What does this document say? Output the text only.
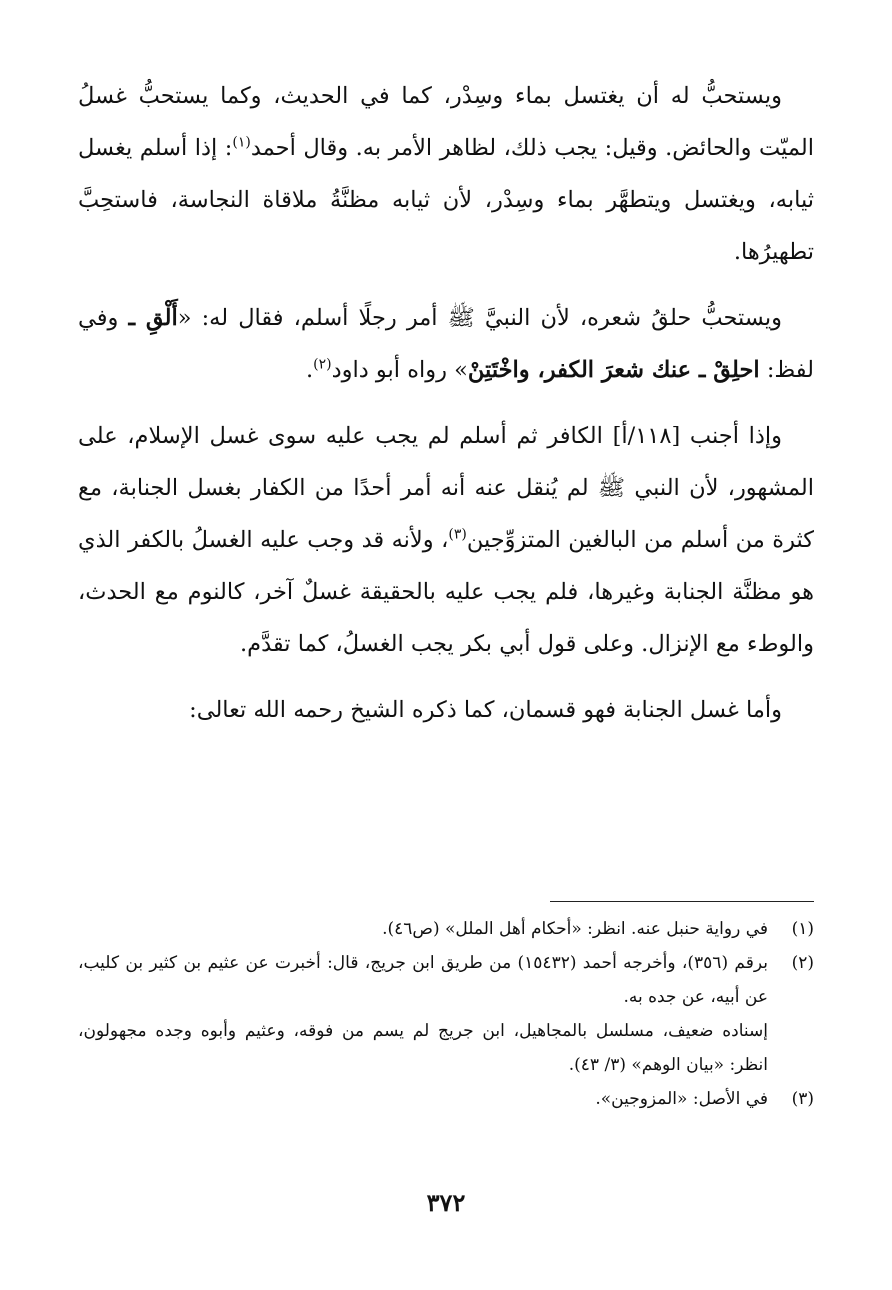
ويستحبُّ له أن يغتسل بماء وسِدْر، كما في الحديث، وكما يستحبُّ غسلُ الميّت والحائض. وقيل: يجب ذلك، لظاهر الأمر به. وقال أحمد$^{(١)}$: إذا أسلم يغسل ثيابه، ويغتسل ويتطهَّر بماء وسِدْر، لأن ثيابه مظنَّةُ ملاقاة النجاسة، فاستحِبَّ تطهيرُها.

ويستحبُّ حلقُ شعره، لأن النبيَّ ﷺ أمر رجلًا أسلم، فقال له: «أَلْقِ ـ وفي لفظ: احلِقْ ـ عنك شعرَ الكفر، واخْتَتِنْ» رواه أبو داود$^{(٢)}$.

وإذا أجنب [١١٨/أ] الكافر ثم أسلم لم يجب عليه سوى غسل الإسلام، على المشهور، لأن النبي ﷺ لم يُنقل عنه أنه أمر أحدًا من الكفار بغسل الجنابة، مع كثرة من أسلم من البالغين المتزوِّجين$^{(٣)}$، ولأنه قد وجب عليه الغسلُ بالكفر الذي هو مظنَّة الجنابة وغيرها، فلم يجب عليه بالحقيقة غسلٌ آخر، كالنوم مع الحدث، والوطء مع الإنزال. وعلى قول أبي بكر يجب الغسلُ، كما تقدَّم.

وأما غسل الجنابة فهو قسمان، كما ذكره الشيخ رحمه الله تعالى:

(١)

في رواية حنبل عنه. انظر: «أحكام أهل الملل» (ص٤٦).

(٢)

برقم (٣٥٦)، وأخرجه أحمد (١٥٤٣٢) من طريق ابن جريج، قال: أخبرت عن عثيم بن كثير بن كليب، عن أبيه، عن جده به.

إسناده ضعيف، مسلسل بالمجاهيل، ابن جريج لم يسم من فوقه، وعثيم وأبوه وجده مجهولون، انظر: «بيان الوهم» (٣/ ٤٣).

(٣)

في الأصل: «المزوجين».

٣٧٢
